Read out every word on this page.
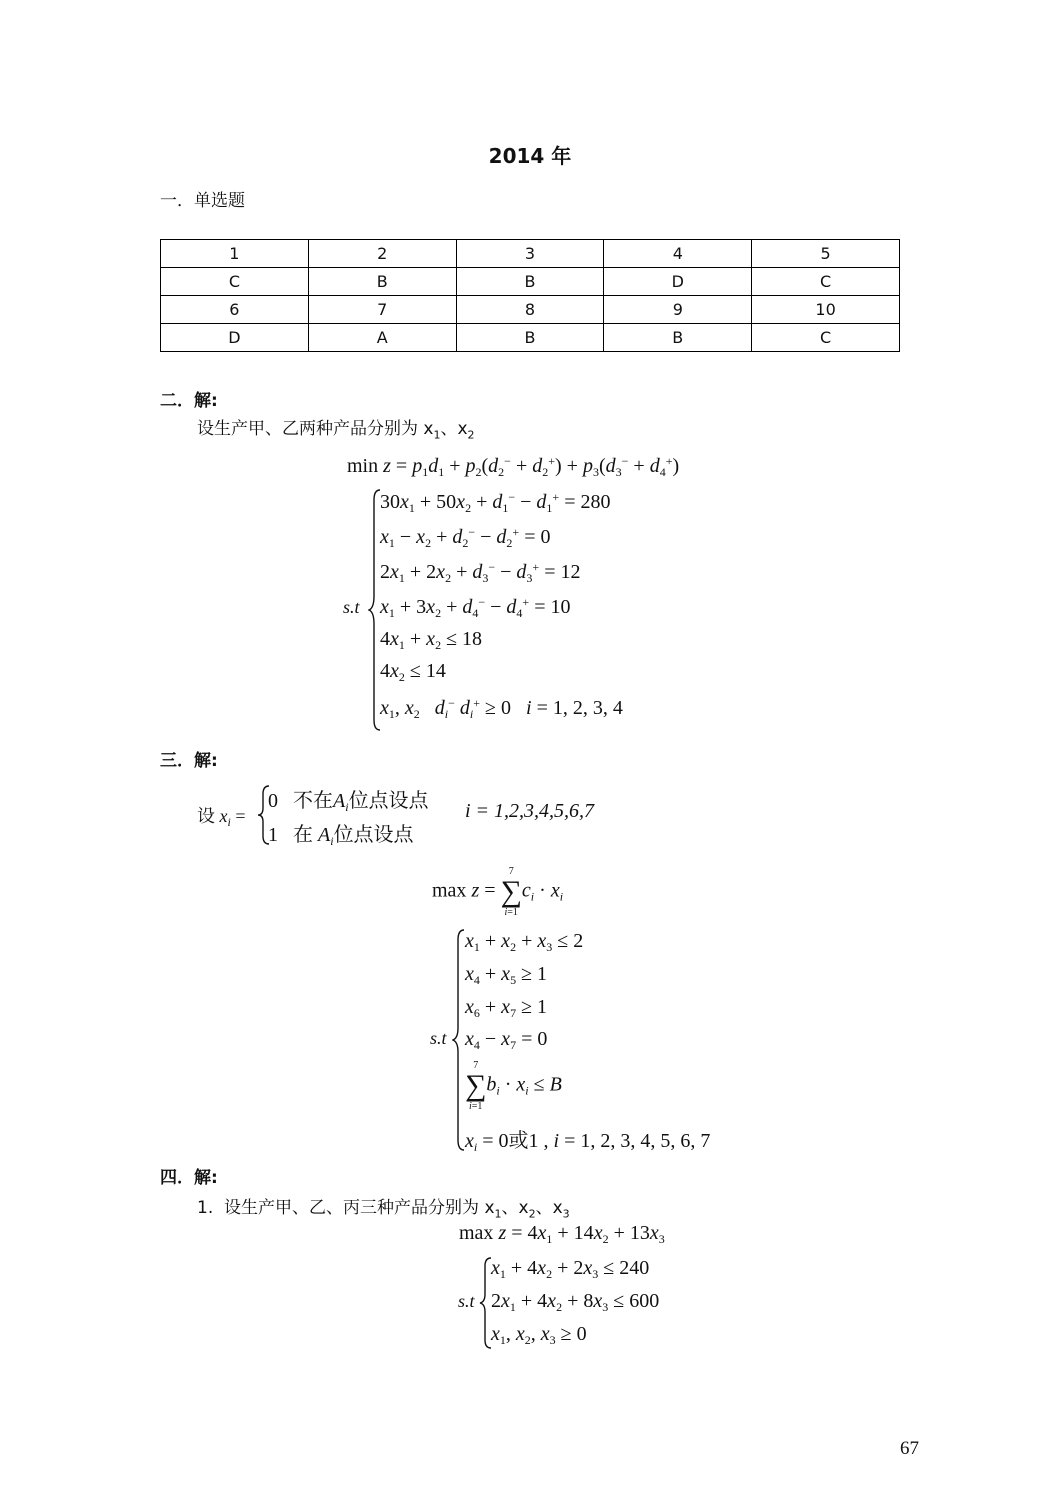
2014 年
一．单选题
1	2	3	4	5
C	B	B	D	C
6	7	8	9	10
D	A	B	B	C
二．解:
设生产甲、乙两种产品分别为 $x_1$、$x_2$
$\min z = p_1d_1 + p_2(d_2^- + d_2^+) + p_3(d_3^- + d_4^+)$
s.t
$30x_1 + 50x_2 + d_1^- - d_1^+ = 280$
$x_1 - x_2 + d_2^- - d_2^+ = 0$
$2x_1 + 2x_2 + d_3^- - d_3^+ = 12$
$x_1 + 3x_2 + d_4^- - d_4^+ = 10$
$4x_1 + x_2 \le 18$
$4x_2 \le 14$
$x_1$, $x_2$ $d_i^-$ $d_i^+ \ge 0$   i = 1, 2, 3, 4
三．解:
设 $x_i$ =
0   不在$A_i$位点设点
1   在 $A_i$位点设点
i = 1,2,3,4,5,6,7
max z =
7
∑
i=1
$c_i \cdot x_i$
s.t
$x_1 + x_2 + x_3 \le 2$
$x_4 + x_5 \ge 1$
$x_6 + x_7 \ge 1$
$x_4 - x_7 = 0$
7
∑
i=1
$b_i \cdot x_i \le B$
$x_i = 0$或1 , i = 1, 2, 3, 4, 5, 6, 7
四．解:
1. 设生产甲、乙、丙三种产品分别为 $x_1$、$x_2$、$x_3$
$\max z = 4x_1 + 14x_2 + 13x_3$
s.t
$x_1 + 4x_2 + 2x_3 \le 240$
$2x_1 + 4x_2 + 8x_3 \le 600$
$x_1$, $x_2$, $x_3 \ge 0$
67
